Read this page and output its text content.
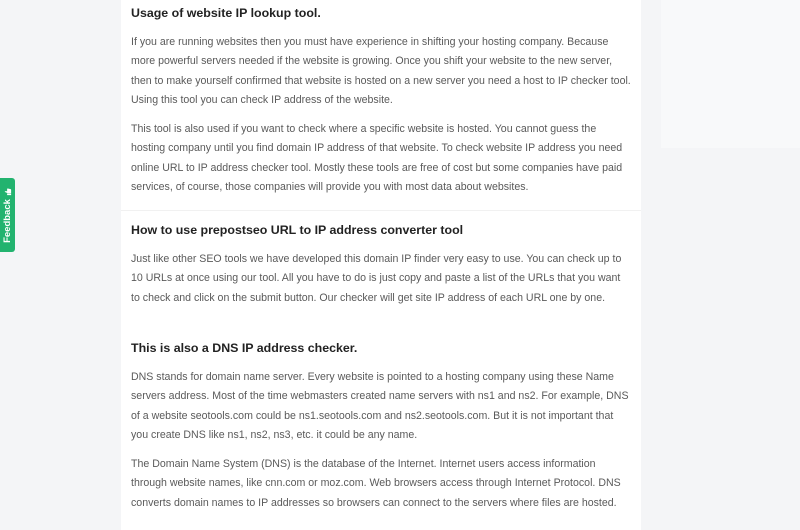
Feedback
Usage of website IP lookup tool.

If you are running websites then you must have experience in shifting your hosting company. Because more powerful servers needed if the website is growing. Once you shift your website to the new server, then to make yourself confirmed that website is hosted on a new server you need a host to IP checker tool. Using this tool you can check IP address of the website.

This tool is also used if you want to check where a specific website is hosted. You cannot guess the hosting company until you find domain IP address of that website. To check website IP address you need online URL to IP address checker tool. Mostly these tools are free of cost but some companies have paid services, of course, those companies will provide you with most data about websites.

How to use prepostseo URL to IP address converter tool

Just like other SEO tools we have developed this domain IP finder very easy to use. You can check up to 10 URLs at once using our tool. All you have to do is just copy and paste a list of the URLs that you want to check and click on the submit button. Our checker will get site IP address of each URL one by one.

This is also a DNS IP address checker.

DNS stands for domain name server. Every website is pointed to a hosting company using these Name servers address. Most of the time webmasters created name servers with ns1 and ns2. For example, DNS of a website seotools.com could be ns1.seotools.com and ns2.seotools.com. But it is not important that you create DNS like ns1, ns2, ns3, etc. it could be any name.

The Domain Name System (DNS) is the database of the Internet. Internet users access information through website names, like cnn.com or moz.com. Web browsers access through Internet Protocol. DNS converts domain names to IP addresses so browsers can connect to the servers where files are hosted.
